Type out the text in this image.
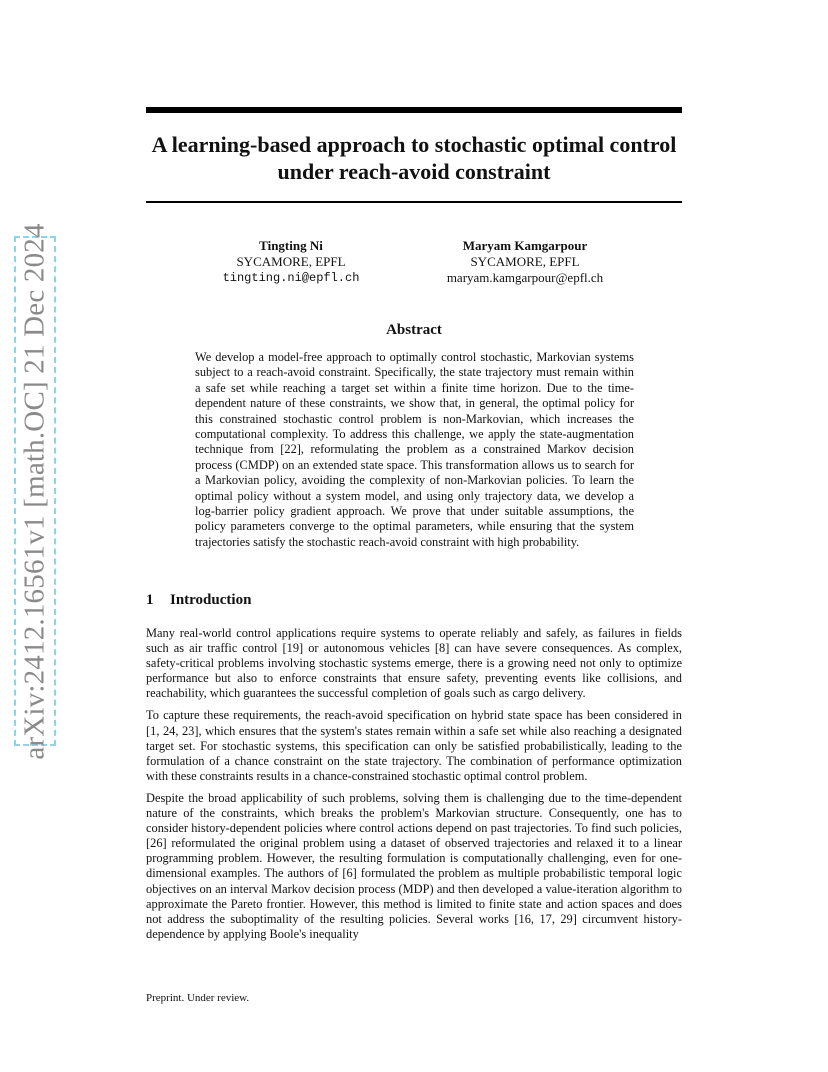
arXiv:2412.16561v1 [math.OC] 21 Dec 2024
A learning-based approach to stochastic optimal control under reach-avoid constraint
Tingting Ni
SYCAMORE, EPFL
tingting.ni@epfl.ch
Maryam Kamgarpour
SYCAMORE, EPFL
maryam.kamgarpour@epfl.ch
Abstract
We develop a model-free approach to optimally control stochastic, Markovian systems subject to a reach-avoid constraint. Specifically, the state trajectory must remain within a safe set while reaching a target set within a finite time horizon. Due to the time-dependent nature of these constraints, we show that, in general, the optimal policy for this constrained stochastic control problem is non-Markovian, which increases the computational complexity. To address this challenge, we apply the state-augmentation technique from [22], reformulating the problem as a constrained Markov decision process (CMDP) on an extended state space. This transformation allows us to search for a Markovian policy, avoiding the complexity of non-Markovian policies. To learn the optimal policy without a system model, and using only trajectory data, we develop a log-barrier policy gradient approach. We prove that under suitable assumptions, the policy parameters converge to the optimal parameters, while ensuring that the system trajectories satisfy the stochastic reach-avoid constraint with high probability.
1 Introduction

Many real-world control applications require systems to operate reliably and safely, as failures in fields such as air traffic control [19] or autonomous vehicles [8] can have severe consequences. As complex, safety-critical problems involving stochastic systems emerge, there is a growing need not only to optimize performance but also to enforce constraints that ensure safety, preventing events like collisions, and reachability, which guarantees the successful completion of goals such as cargo delivery.

To capture these requirements, the reach-avoid specification on hybrid state space has been considered in [1, 24, 23], which ensures that the system's states remain within a safe set while also reaching a designated target set. For stochastic systems, this specification can only be satisfied probabilistically, leading to the formulation of a chance constraint on the state trajectory. The combination of performance optimization with these constraints results in a chance-constrained stochastic optimal control problem.

Despite the broad applicability of such problems, solving them is challenging due to the time-dependent nature of the constraints, which breaks the problem's Markovian structure. Consequently, one has to consider history-dependent policies where control actions depend on past trajectories. To find such policies, [26] reformulated the original problem using a dataset of observed trajectories and relaxed it to a linear programming problem. However, the resulting formulation is computationally challenging, even for one-dimensional examples. The authors of [6] formulated the problem as multiple probabilistic temporal logic objectives on an interval Markov decision process (MDP) and then developed a value-iteration algorithm to approximate the Pareto frontier. However, this method is limited to finite state and action spaces and does not address the suboptimality of the resulting policies. Several works [16, 17, 29] circumvent history-dependence by applying Boole's inequality

Preprint. Under review.
